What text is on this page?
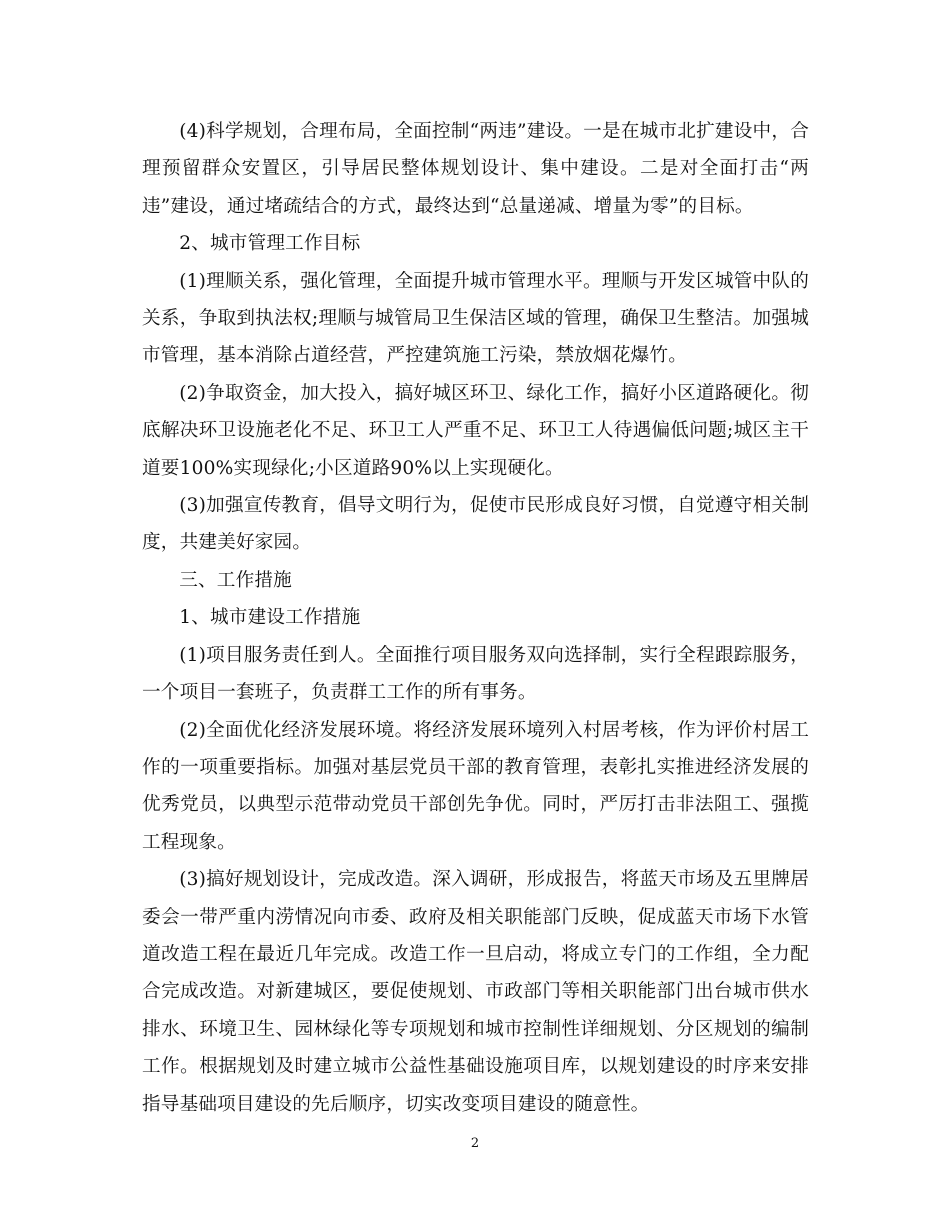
(4)科学规划，合理布局，全面控制“两违”建设。一是在城市北扩建设中，合理预留群众安置区，引导居民整体规划设计、集中建设。二是对全面打击“两违”建设，通过堵疏结合的方式，最终达到“总量递减、增量为零”的目标。

2、城市管理工作目标

(1)理顺关系，强化管理，全面提升城市管理水平。理顺与开发区城管中队的关系，争取到执法权;理顺与城管局卫生保洁区域的管理，确保卫生整洁。加强城市管理，基本消除占道经营，严控建筑施工污染，禁放烟花爆竹。

(2)争取资金，加大投入，搞好城区环卫、绿化工作，搞好小区道路硬化。彻底解决环卫设施老化不足、环卫工人严重不足、环卫工人待遇偏低问题;城区主干道要100%实现绿化;小区道路90%以上实现硬化。

(3)加强宣传教育，倡导文明行为，促使市民形成良好习惯，自觉遵守相关制度，共建美好家园。

三、工作措施

1、城市建设工作措施

(1)项目服务责任到人。全面推行项目服务双向选择制，实行全程跟踪服务，一个项目一套班子，负责群工工作的所有事务。

(2)全面优化经济发展环境。将经济发展环境列入村居考核，作为评价村居工作的一项重要指标。加强对基层党员干部的教育管理，表彰扎实推进经济发展的优秀党员，以典型示范带动党员干部创先争优。同时，严厉打击非法阻工、强揽工程现象。

(3)搞好规划设计，完成改造。深入调研，形成报告，将蓝天市场及五里牌居委会一带严重内涝情况向市委、政府及相关职能部门反映，促成蓝天市场下水管道改造工程在最近几年完成。改造工作一旦启动，将成立专门的工作组，全力配合完成改造。对新建城区，要促使规划、市政部门等相关职能部门出台城市供水排水、环境卫生、园林绿化等专项规划和城市控制性详细规划、分区规划的编制工作。根据规划及时建立城市公益性基础设施项目库，以规划建设的时序来安排指导基础项目建设的先后顺序，切实改变项目建设的随意性。

2
